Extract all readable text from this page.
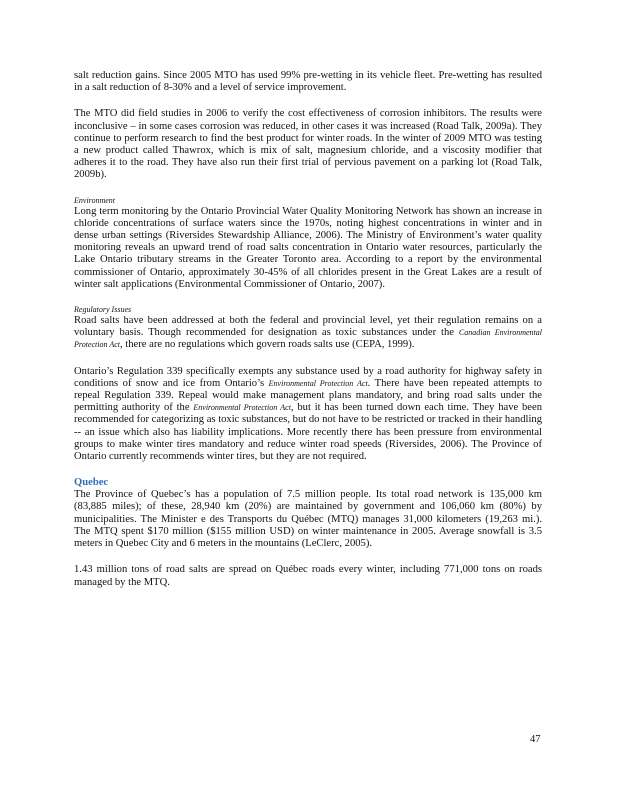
salt reduction gains. Since 2005 MTO has used 99% pre-wetting in its vehicle fleet. Pre-wetting has resulted in a salt reduction of 8-30% and a level of service improvement.

The MTO did field studies in 2006 to verify the cost effectiveness of corrosion inhibitors. The results were inconclusive – in some cases corrosion was reduced, in other cases it was increased (Road Talk, 2009a). They continue to perform research to find the best product for winter roads. In the winter of 2009 MTO was testing a new product called Thawrox, which is mix of salt, magnesium chloride, and a viscosity modifier that adheres it to the road. They have also run their first trial of pervious pavement on a parking lot (Road Talk, 2009b).

Environment

Long term monitoring by the Ontario Provincial Water Quality Monitoring Network has shown an increase in chloride concentrations of surface waters since the 1970s, noting highest concentrations in winter and in dense urban settings (Riversides Stewardship Alliance, 2006). The Ministry of Environment’s water quality monitoring reveals an upward trend of road salts concentration in Ontario water resources, particularly the Lake Ontario tributary streams in the Greater Toronto area. According to a report by the environmental commissioner of Ontario, approximately 30-45% of all chlorides present in the Great Lakes are a result of winter salt applications (Environmental Commissioner of Ontario, 2007).

Regulatory Issues

Road salts have been addressed at both the federal and provincial level, yet their regulation remains on a voluntary basis. Though recommended for designation as toxic substances under the Canadian Environmental Protection Act, there are no regulations which govern roads salts use (CEPA, 1999).

Ontario’s Regulation 339 specifically exempts any substance used by a road authority for highway safety in conditions of snow and ice from Ontario’s Environmental Protection Act. There have been repeated attempts to repeal Regulation 339. Repeal would make management plans mandatory, and bring road salts under the permitting authority of the Environmental Protection Act, but it has been turned down each time. They have been recommended for categorizing as toxic substances, but do not have to be restricted or tracked in their handling -- an issue which also has liability implications. More recently there has been pressure from environmental groups to make winter tires mandatory and reduce winter road speeds (Riversides, 2006). The Province of Ontario currently recommends winter tires, but they are not required.

Quebec

The Province of Quebec’s has a population of 7.5 million people. Its total road network is 135,000 km (83,885 miles); of these, 28,940 km (20%) are maintained by government and 106,060 km (80%) by municipalities. The Minister e des Transports du Québec (MTQ) manages 31,000 kilometers (19,263 mi.). The MTQ spent $170 million ($155 million USD) on winter maintenance in 2005. Average snowfall is 3.5 meters in Quebec City and 6 meters in the mountains (LeClerc, 2005).

1.43 million tons of road salts are spread on Québec roads every winter, including 771,000 tons on roads managed by the MTQ.

47
